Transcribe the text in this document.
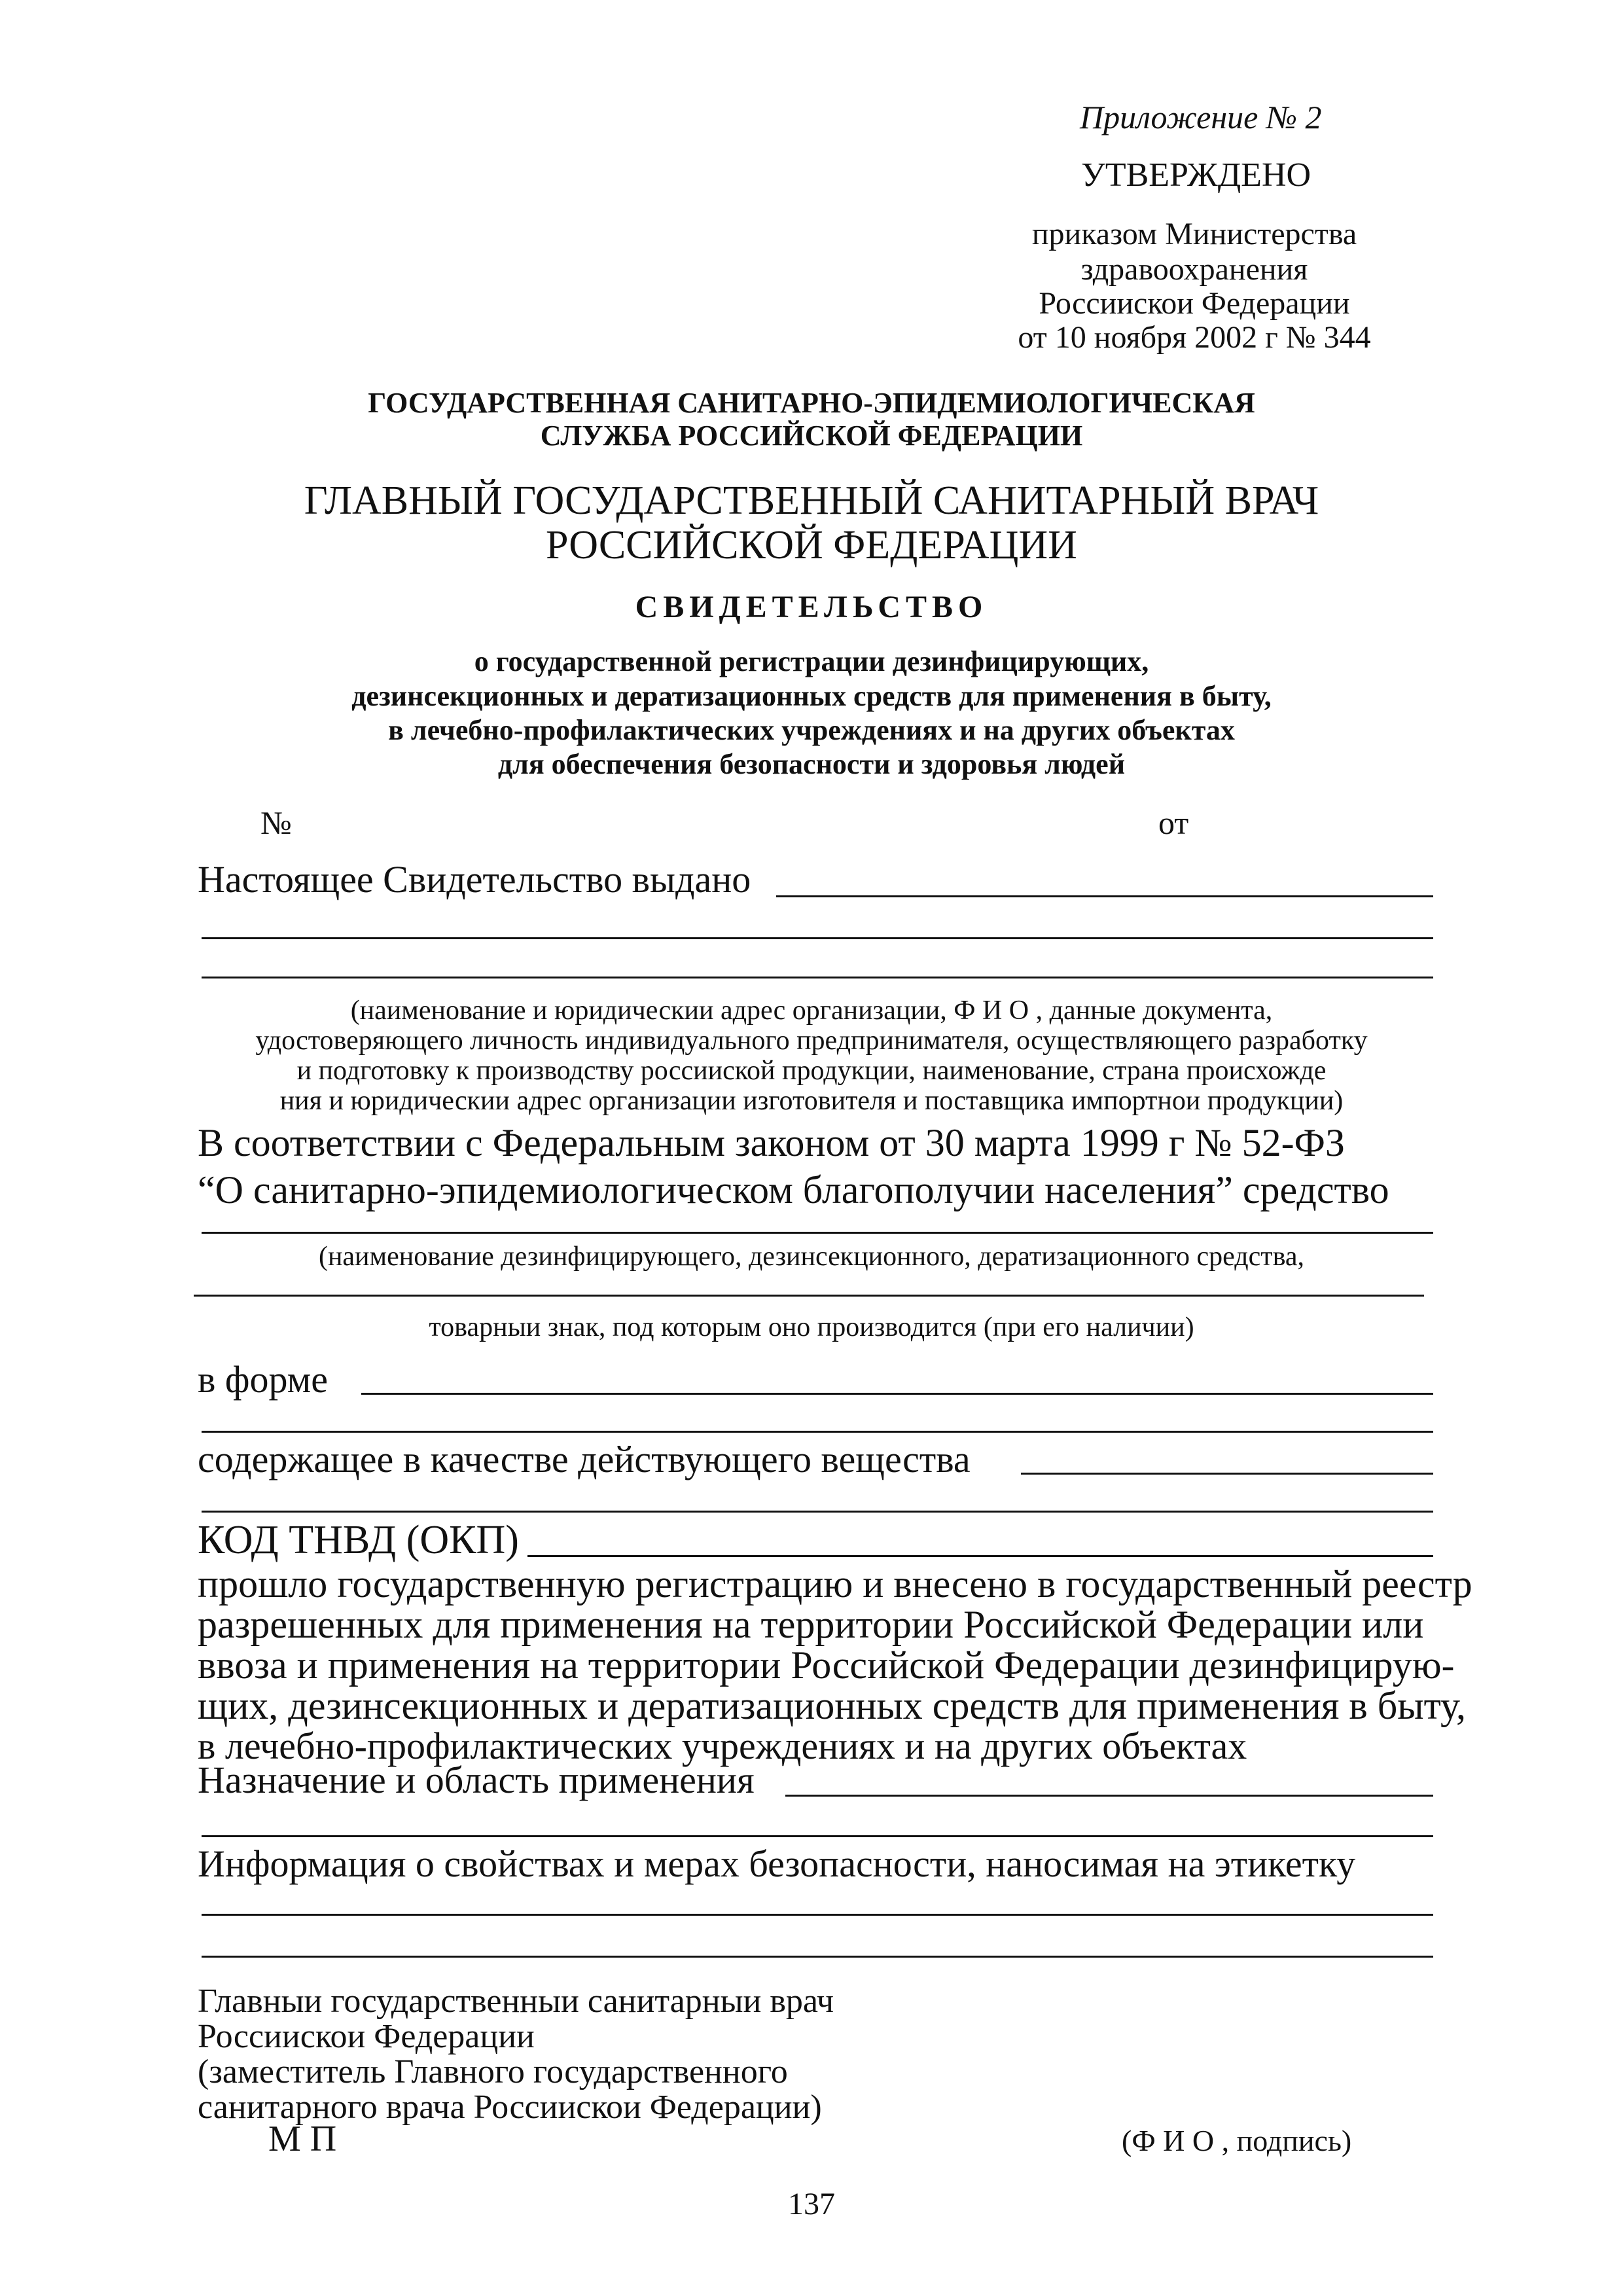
Приложение № 2
УТВЕРЖДЕНО
приказом Министерства
здравоохранения
Россиискои Федерации
от 10 ноября 2002 г № 344
ГОСУДАРСТВЕННАЯ САНИТАРНО-ЭПИДЕМИОЛОГИЧЕСКАЯ
СЛУЖБА РОССИЙСКОЙ ФЕДЕРАЦИИ
ГЛАВНЫЙ ГОСУДАРСТВЕННЫЙ САНИТАРНЫЙ ВРАЧ
РОССИЙСКОЙ ФЕДЕРАЦИИ
СВИДЕТЕЛЬСТВО
о государственной регистрации дезинфицирующих,
дезинсекционных и дератизационных средств для применения в быту,
в лечебно-профилактических учреждениях и на других объектах
для обеспечения безопасности и здоровья людей
№	от
Настоящее Свидетельство выдано
(наименование и юридическии адрес организации, Ф И О , данные документа,
удостоверяющего личность индивидуального предпринимателя, осуществляющего разработку
и подготовку к производству россииской продукции, наименование, страна происхожде
ния и юридическии адрес организации изготовителя и поставщика импортнои продукции)
В соответствии с Федеральным законом от 30 марта 1999 г № 52-ФЗ
“О санитарно-эпидемиологическом благополучии населения” средство
(наименование дезинфицирующего, дезинсекционного, дератизационного средства,
товарныи знак, под которым оно производится (при его наличии)
в форме
содержащее в качестве действующего вещества
КОД ТНВД (ОКП)
прошло государственную регистрацию и внесено в государственный реестр
разрешенных для применения на территории Российской Федерации или
ввоза и применения на территории Российской Федерации дезинфицирую-
щих, дезинсекционных и дератизационных средств для применения в быту,
в лечебно-профилактических учреждениях и на других объектах
Назначение и область применения
Информация о свойствах и мерах безопасности, наносимая на этикетку
Главныи государственныи санитарныи врач
Россиискои Федерации
(заместитель Главного государственного
санитарного врача Россиискои Федерации)
М П	(Ф И О , подпись)
137
